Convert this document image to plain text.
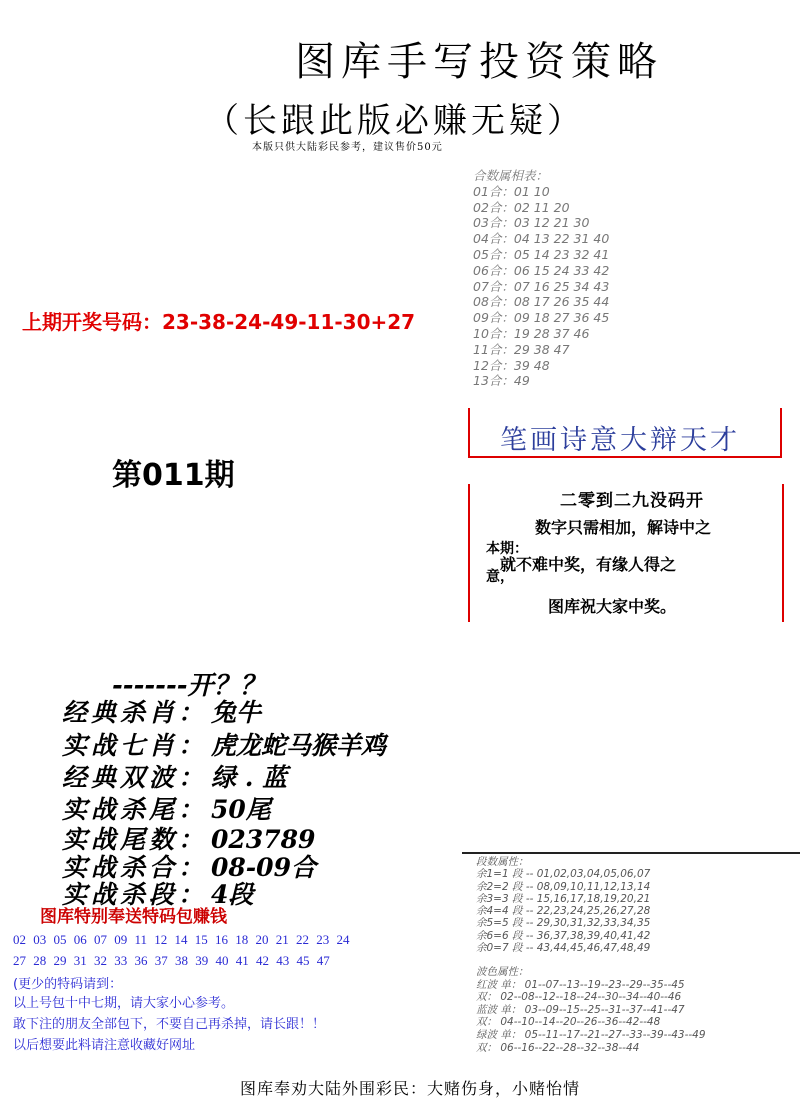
图库手写投资策略
（长跟此版必赚无疑）
本版只供大陆彩民参考，建议售价50元
合数属相表：
01合：01 10
02合：02 11 20
03合：03 12 21 30
04合：04 13 22 31 40
05合：05 14 23 32 41
06合：06 15 24 33 42
07合：07 16 25 34 43
08合：08 17 26 35 44
09合：09 18 27 36 45
10合：19 28 37 46
11合：29 38 47
12合：39 48
13合：49
上期开奖号码：23-38-24-49-11-30+27
第011期
笔画诗意大辩天才
二零到二九没码开
数字只需相加，解诗中之
本期：
就不难中奖，有缘人得之
意，
图库祝大家中奖。
-------开？？
经典杀肖： 兔牛
实战七肖： 虎龙蛇马猴羊鸡
经典双波： 绿 . 蓝
实战杀尾： 50尾
实战尾数： 023789
实战杀合： 08-09合
实战杀段： 4段
图库特别奉送特码包赚钱
02 03 05 06 07 09 11 12 14 15 16 18 20 21 22 23 24
27 28 29 31 32 33 36 37 38 39 40 41 42 43 45 47
(更少的特码请到：
以上号包十中七期，请大家小心参考。
敢下注的朋友全部包下，不要自己再杀掉，请长跟！！
以后想要此料请注意收藏好网址
段数属性：
余1=1 段 -- 01,02,03,04,05,06,07
余2=2 段 -- 08,09,10,11,12,13,14
余3=3 段 -- 15,16,17,18,19,20,21
余4=4 段 -- 22,23,24,25,26,27,28
余5=5 段 -- 29,30,31,32,33,34,35
余6=6 段 -- 36,37,38,39,40,41,42
余0=7 段 -- 43,44,45,46,47,48,49
波色属性：
红波 单： 01--07--13--19--23--29--35--45
双： 02--08--12--18--24--30--34--40--46
蓝波 单： 03--09--15--25--31--37--41--47
双： 04--10--14--20--26--36--42--48
绿波 单： 05--11--17--21--27--33--39--43--49
双： 06--16--22--28--32--38--44
图库奉劝大陆外围彩民：大赌伤身，小赌怡情
